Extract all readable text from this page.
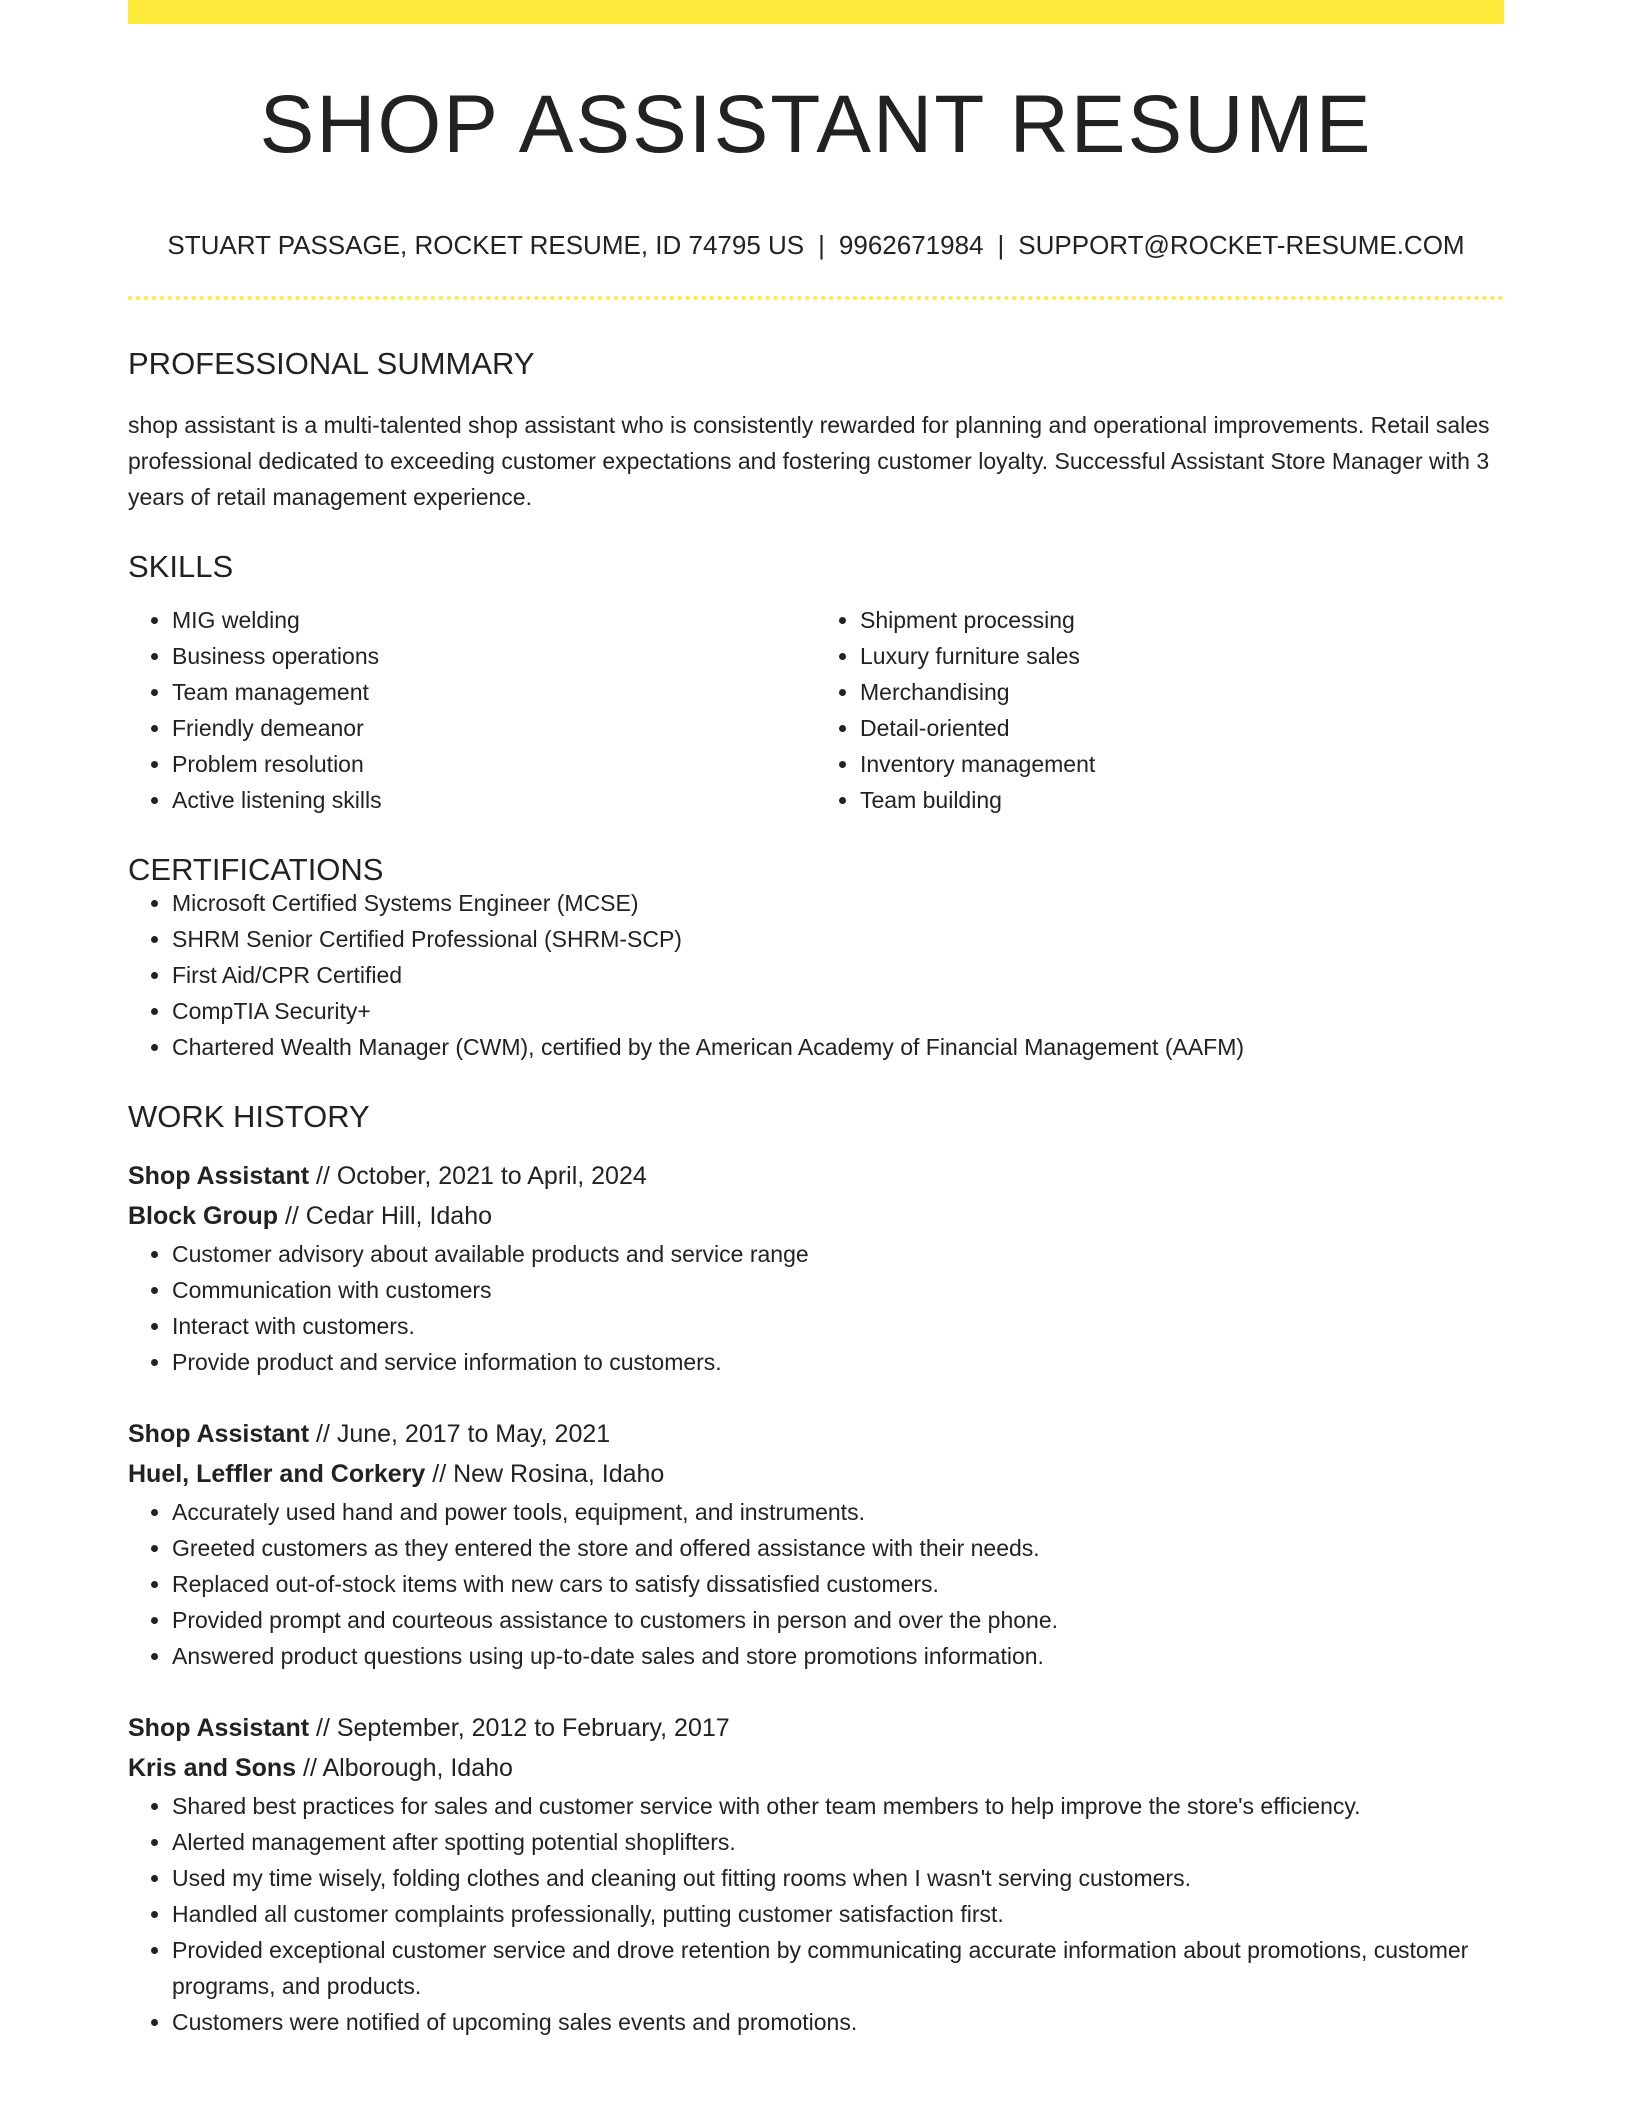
SHOP ASSISTANT RESUME
STUART PASSAGE, ROCKET RESUME, ID 74795 US | 9962671984 | SUPPORT@ROCKET-RESUME.COM
PROFESSIONAL SUMMARY

shop assistant is a multi-talented shop assistant who is consistently rewarded for planning and operational improvements. Retail sales professional dedicated to exceeding customer expectations and fostering customer loyalty. Successful Assistant Store Manager with 3 years of retail management experience.

SKILLS
• MIG welding
• Business operations
• Team management
• Friendly demeanor
• Problem resolution
• Active listening skills
• Shipment processing
• Luxury furniture sales
• Merchandising
• Detail-oriented
• Inventory management
• Team building
CERTIFICATIONS
• Microsoft Certified Systems Engineer (MCSE)
• SHRM Senior Certified Professional (SHRM-SCP)
• First Aid/CPR Certified
• CompTIA Security+
• Chartered Wealth Manager (CWM), certified by the American Academy of Financial Management (AAFM)
WORK HISTORY
Shop Assistant // October, 2021 to April, 2024
Block Group // Cedar Hill, Idaho
• Customer advisory about available products and service range
• Communication with customers
• Interact with customers.
• Provide product and service information to customers.
Shop Assistant // June, 2017 to May, 2021
Huel, Leffler and Corkery // New Rosina, Idaho
• Accurately used hand and power tools, equipment, and instruments.
• Greeted customers as they entered the store and offered assistance with their needs.
• Replaced out-of-stock items with new cars to satisfy dissatisfied customers.
• Provided prompt and courteous assistance to customers in person and over the phone.
• Answered product questions using up-to-date sales and store promotions information.
Shop Assistant // September, 2012 to February, 2017
Kris and Sons // Alborough, Idaho
• Shared best practices for sales and customer service with other team members to help improve the store's efficiency.
• Alerted management after spotting potential shoplifters.
• Used my time wisely, folding clothes and cleaning out fitting rooms when I wasn't serving customers.
• Handled all customer complaints professionally, putting customer satisfaction first.
• Provided exceptional customer service and drove retention by communicating accurate information about promotions, customer programs, and products.
• Customers were notified of upcoming sales events and promotions.
